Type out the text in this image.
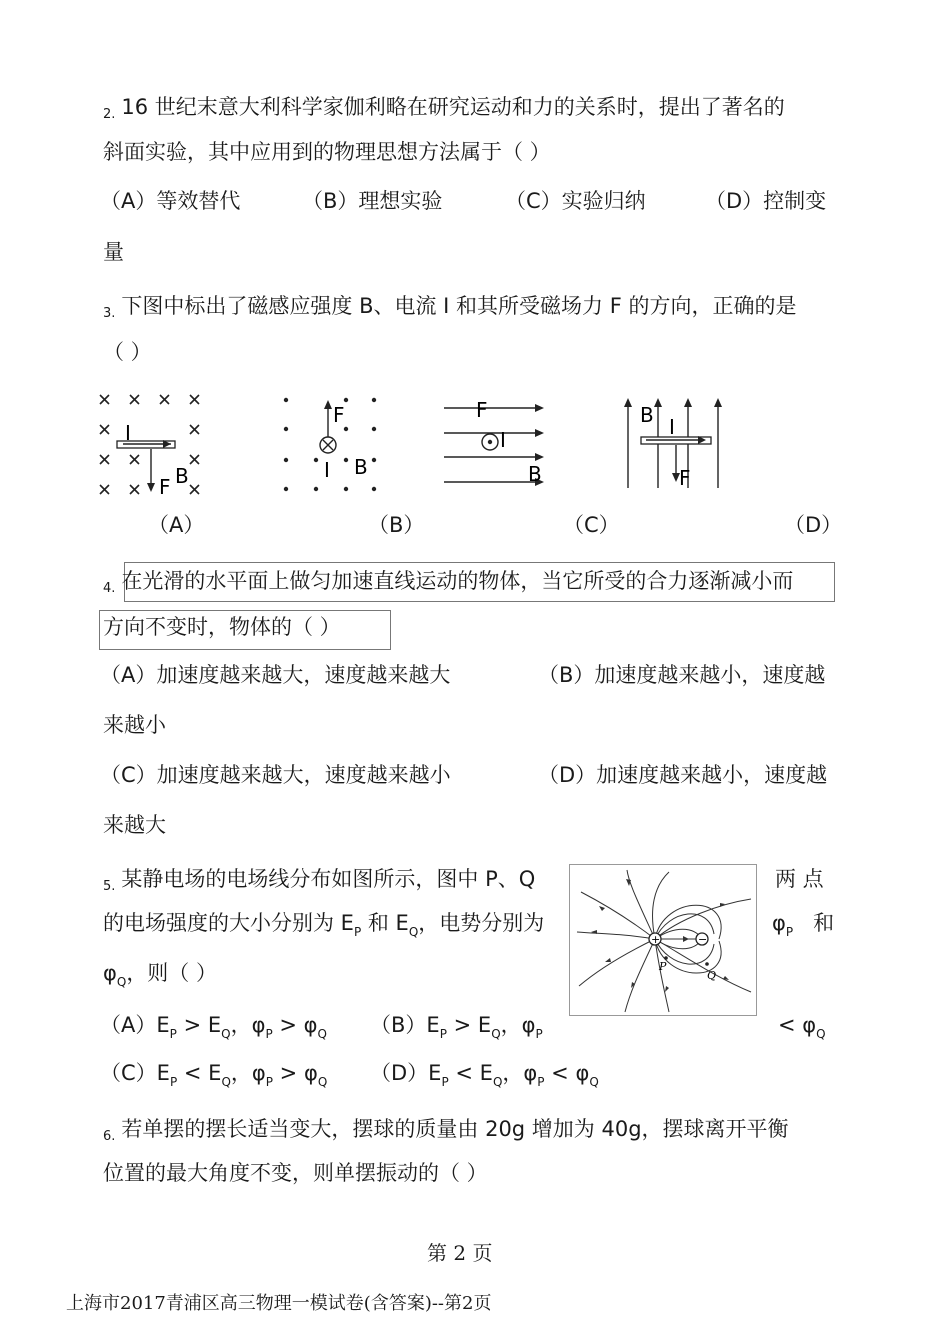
2. 16 世纪末意大利科学家伽利略在研究运动和力的关系时，提出了著名的
斜面实验，其中应用到的物理思想方法属于（ ）
（A）等效替代	（B）理想实验	（C）实验归纳	（D）控制变
量
3. 下图中标出了磁感应强度 B、电流 I 和其所受磁场力 F 的方向，正确的是
（ ）
I
B
F
F
I B
F
I
B
B I
F
（A）	（B）	（C）	（D）
4. 在光滑的水平面上做匀加速直线运动的物体，当它所受的合力逐渐减小而
方向不变时，物体的（ ）
（A）加速度越来越大，速度越来越大	（B）加速度越来越小，速度越
来越小
（C）加速度越来越大，速度越来越小	（D）加速度越来越小，速度越
来越大
5. 某静电场的电场线分布如图所示，图中 P、Q	两 点
的电场强度的大小分别为 $E_P$ 和 $E_Q$，电势分别为	$\varphi_P$ 和
$\varphi_Q$，则（ ）
+	−
P
Q
$(A)E_P > E_Q$，$\varphi_P > \varphi_Q$ $(B)E_P > E_Q$，$\varphi_P$	< $\varphi_Q$
$(C)E_P < E_Q$，$\varphi_P > \varphi_Q$ $(D)E_P < E_Q$，$\varphi_P < \varphi_Q$
6. 若单摆的摆长适当变大，摆球的质量由 20g 增加为 40g，摆球离开平衡
位置的最大角度不变，则单摆振动的（ ）
第 2 页
上海市2017青浦区高三物理一模试卷(含答案)--第2页
